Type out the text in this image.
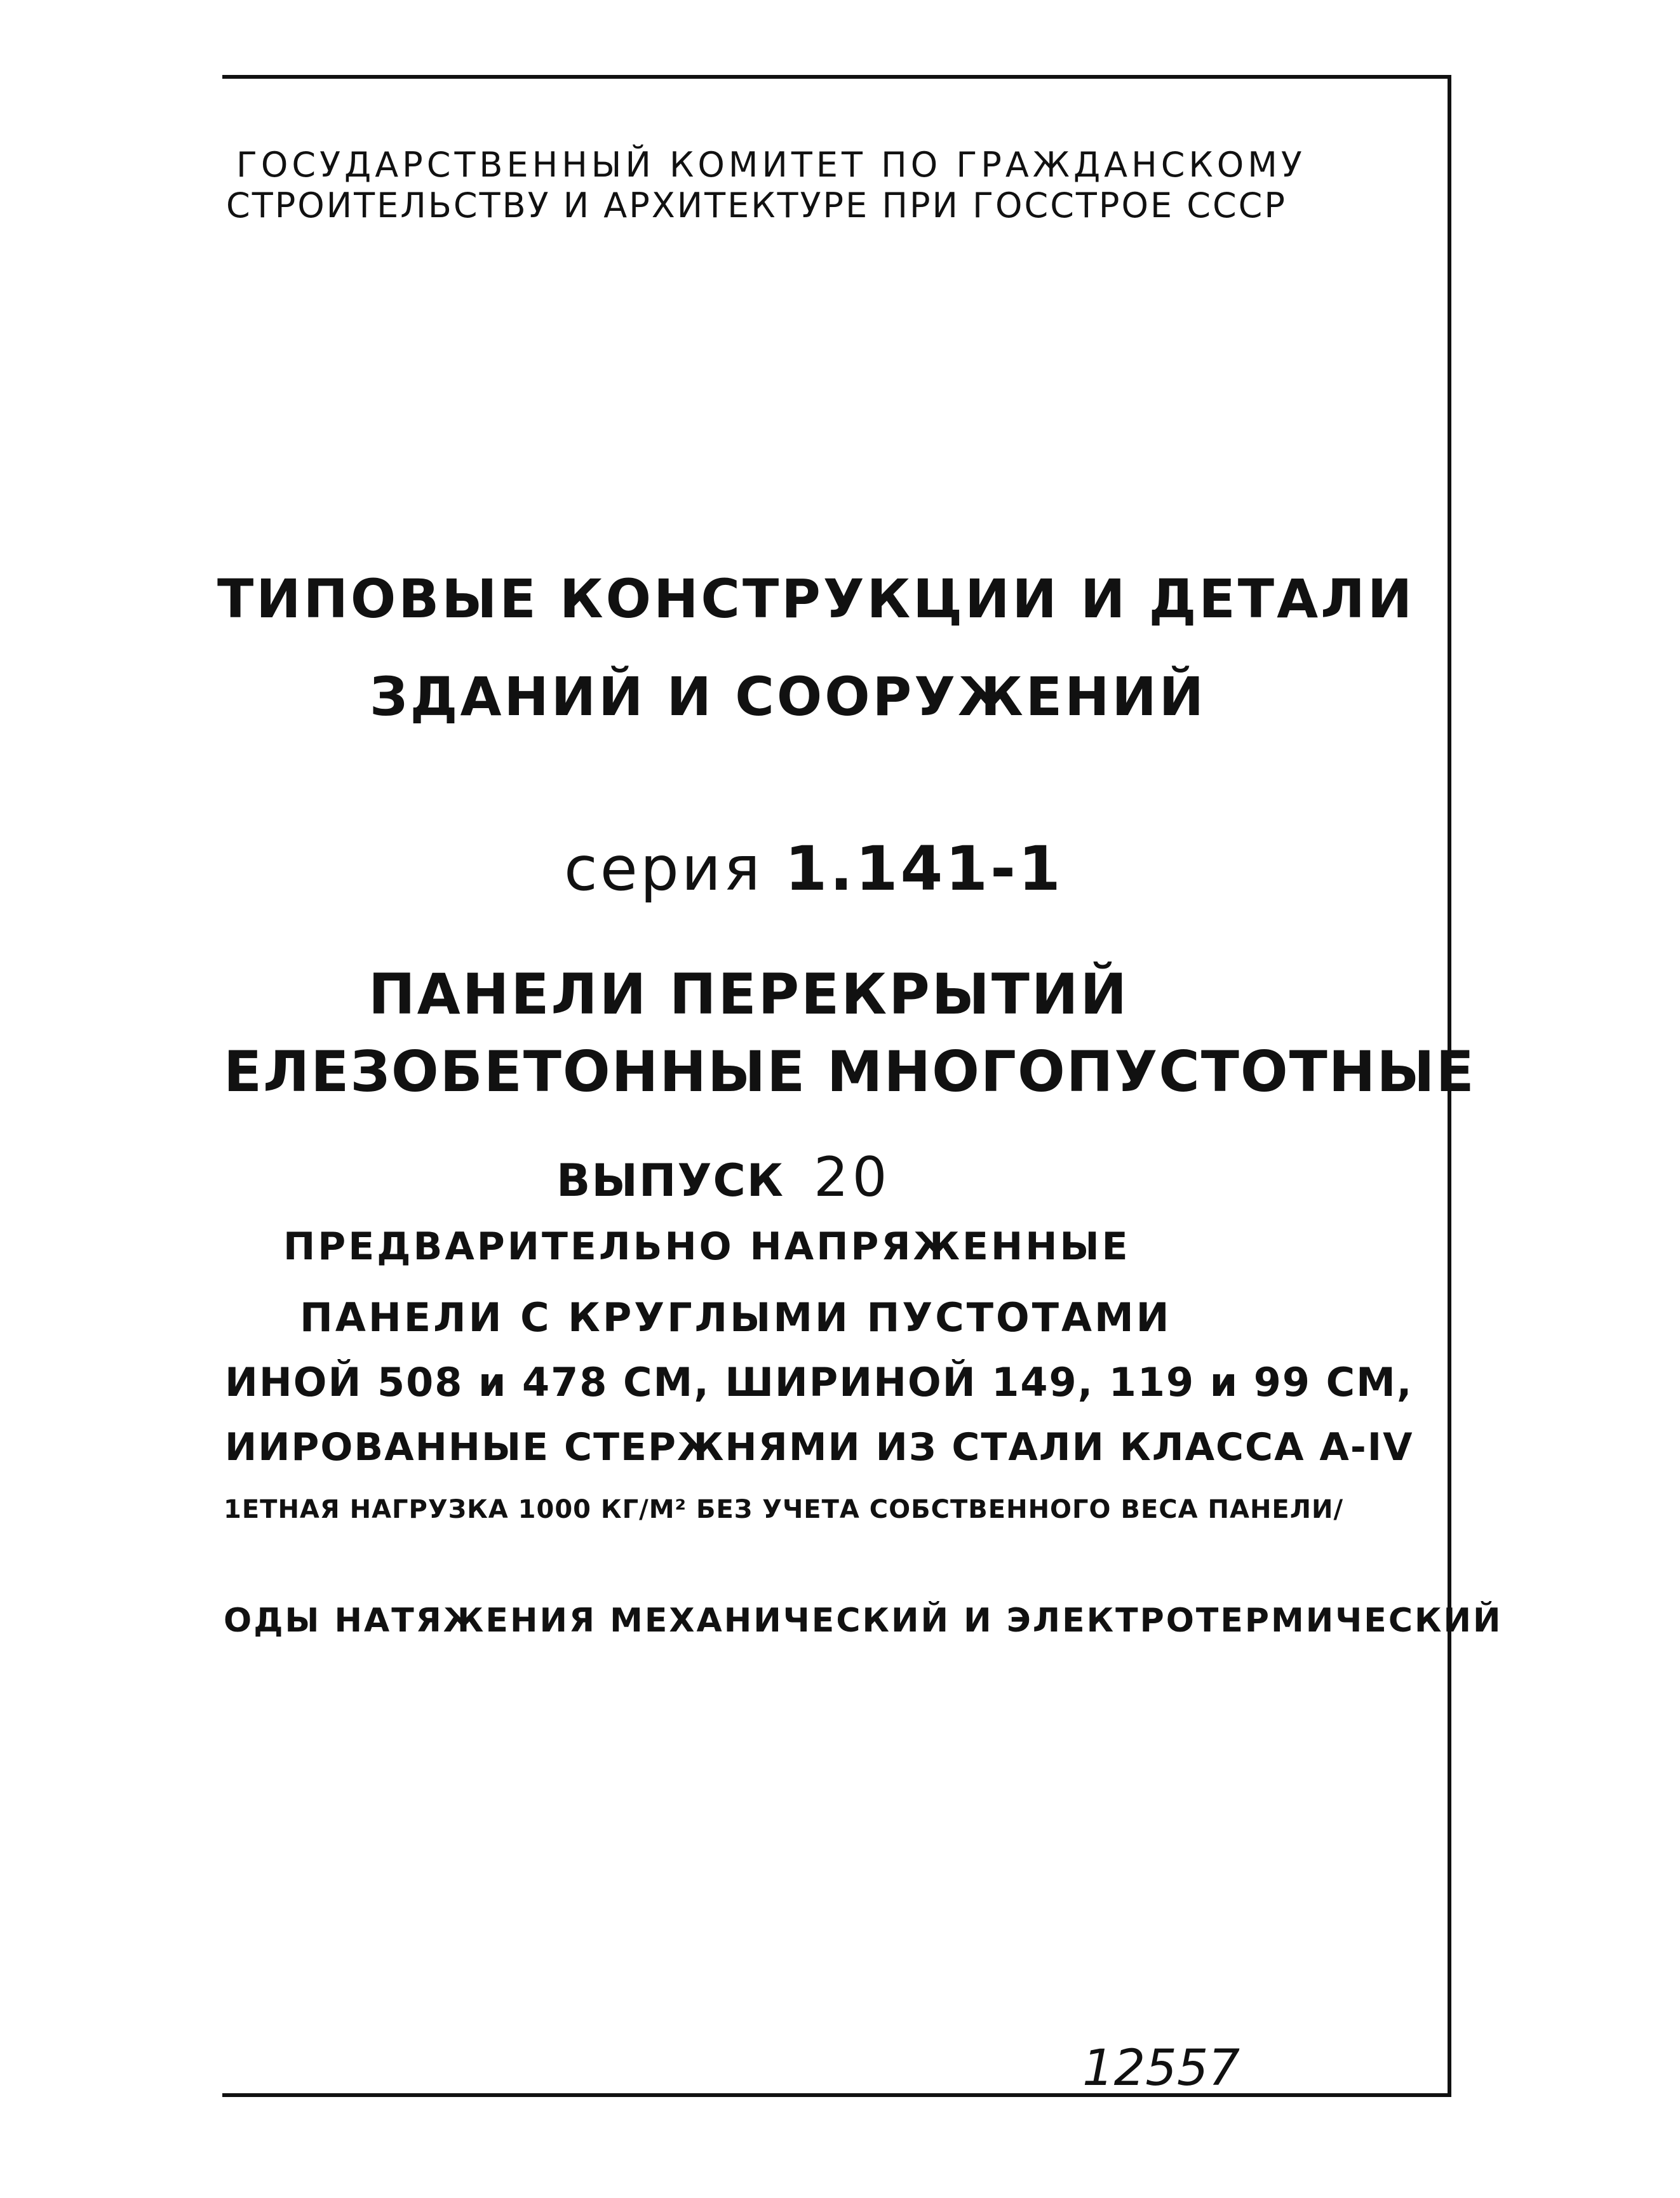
ГОСУДАРСТВЕННЫЙ КОМИТЕТ ПО ГРАЖДАНСКОМУ
СТРОИТЕЛЬСТВУ И АРХИТЕКТУРЕ ПРИ ГОССТРОЕ СССР
ТИПОВЫЕ КОНСТРУКЦИИ И ДЕТАЛИ
ЗДАНИЙ И СООРУЖЕНИЙ
серия 1.141-1
ПАНЕЛИ ПЕРЕКРЫТИЙ
ЕЛЕЗОБЕТОННЫЕ МНОГОПУСТОТНЫЕ
ВЫПУСК 20
ПРЕДВАРИТЕЛЬНО НАПРЯЖЕННЫЕ
ПАНЕЛИ С КРУГЛЫМИ ПУСТОТАМИ
ИНОЙ 508 и 478 СМ, ШИРИНОЙ 149, 119 и 99 СМ,
ИИРОВАННЫЕ СТЕРЖНЯМИ ИЗ СТАЛИ КЛАССА А-IV
1ЕТНАЯ НАГРУЗКА 1000 КГ/М² БЕЗ УЧЕТА СОБСТВЕННОГО ВЕСА ПАНЕЛИ/
ОДЫ НАТЯЖЕНИЯ МЕХАНИЧЕСКИЙ И ЭЛЕКТРОТЕРМИЧЕСКИЙ
12557
